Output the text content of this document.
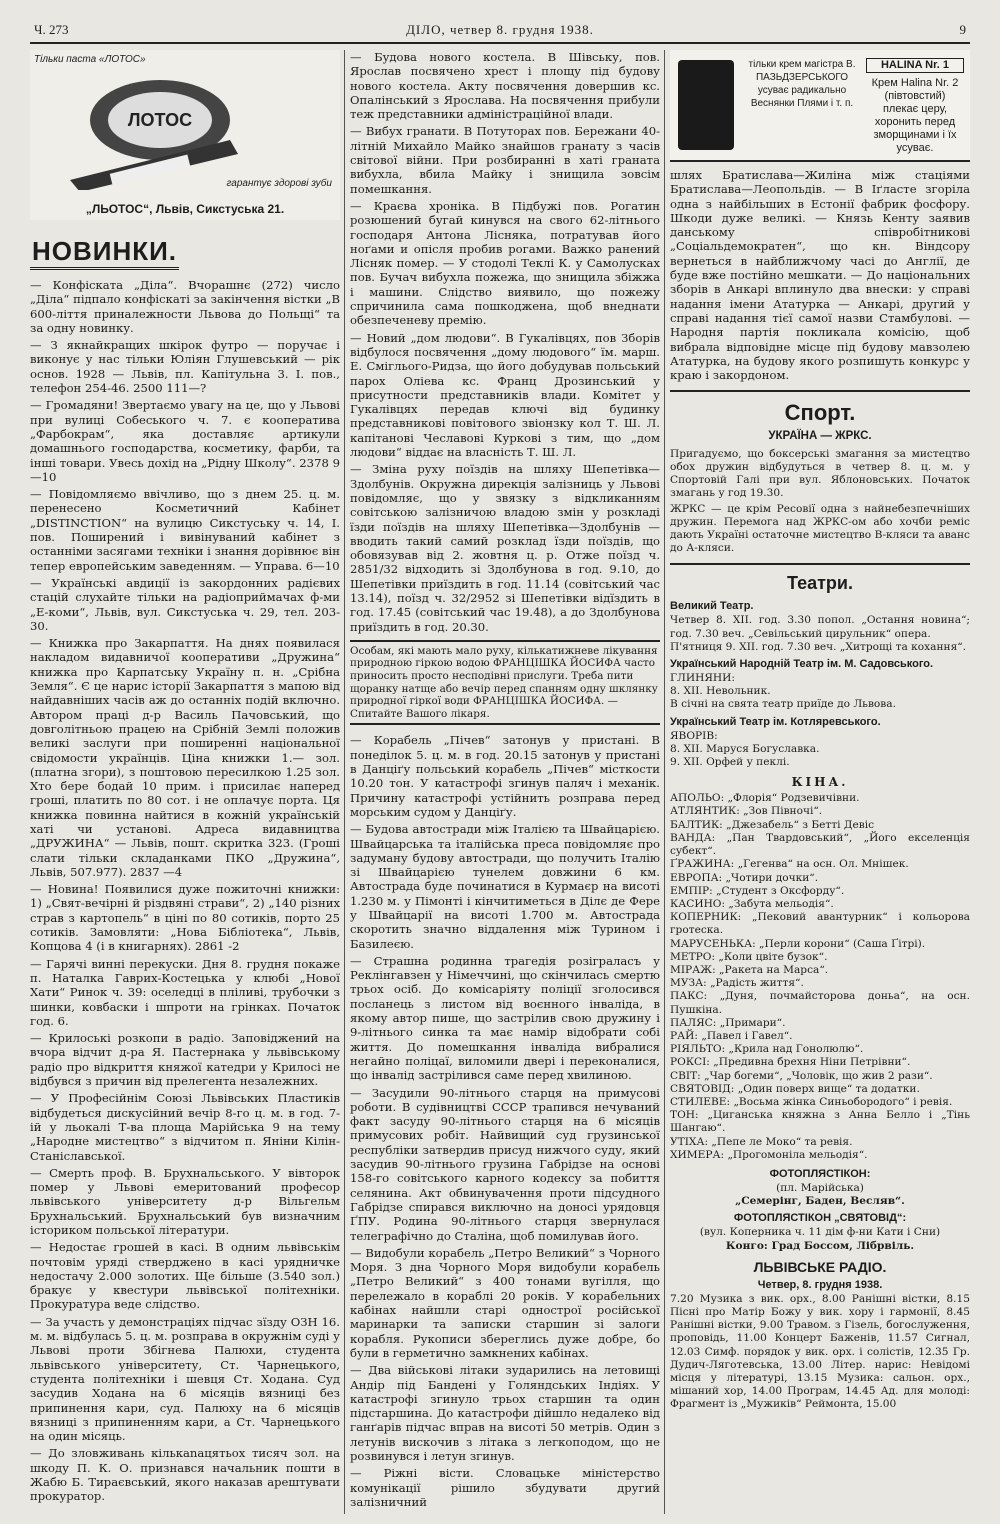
Ч. 273	ДІЛО, четвер 8. грудня 1938.	9
ЛОТОС
Тільки паста «ЛОТОС»
гарантує здорові зуби
„ЛЬОТОС“, Львів, Сикстуська 21.
НОВИНКИ.

— Конфіската „Діла“. Вчорашнє (272) число „Діла“ підпало конфіскаті за закінчення вістки „В 600-ліття приналежности Львова до Польщі“ та за одну новинку.

— З якнайкращих шкірок футро — поручає і виконує у нас тільки Юліян Глушевський — рік основ. 1928 — Львів, пл. Капітульна 3. І. пов., телефон 254-46. 2500 111—?

— Громадяни! Звертаємо увагу на це, що у Львові при вулиці Собеського ч. 7. є кооператива „Фарбокрам“, яка доставляє артикули домашнього господарства, косметику, фарби, та інші товари. Увесь дохід на „Рідну Школу“. 2378 9—10

— Повідомляємо ввічливо, що з днем 25. ц. м. перенесено Косметичний Кабінет „DISTINCTION“ на вулицю Сикстуську ч. 14, І. пов. Поширений і вивінуваний кабінет з останніми засягами техніки і знання дорівнює він тепер европейським заведенням. — Управа. 6—10

— Українські авдиції із закордонних радієвих стацій слухайте тільки на радіоприймачах ф-ми „Е-коми“, Львів, вул. Сикстуська ч. 29, тел. 203-30.

— Книжка про Закарпаття. На днях появилася накладом видавничої кооперативи „Дружина“ книжка про Карпатську Україну п. н. „Срібна Земля“. Є це нарис історії Закарпаття з мапою від найдавніших часів аж до останніх подій включно. Автором праці д-р Василь Пачовський, що довголітньою працею на Срібній Землі положив великі заслуги при поширенні національної свідомости українців. Ціна книжки 1.— зол. (платна згори), з поштовою пересилкою 1.25 зол. Хто бере бодай 10 прим. і присилає наперед гроші, платить по 80 сот. і не оплачує порта. Ця книжка повинна найтися в кожній українській хаті чи установі. Адреса видавництва „ДРУЖИНА“ — Львів, пошт. скритка 323. (Гроші слати тільки складанками ПКО „Дружина“, Львів, 507.977). 2837 —4

— Новина! Появилися дуже пожиточні книжки: 1) „Свят-вечірні й різдвяні страви“, 2) „140 різних страв з картопель“ в ціні по 80 сотиків, порто 25 сотиків. Замовляти: „Нова Бібліотека“, Львів, Копцова 4 (і в книгарнях). 2861 -2

— Гарячі винні перекуски. Дня 8. грудня покаже п. Наталка Гаврих-Костецька у клюбі „Нової Хати“ Ринок ч. 39: оселедці в пліливі, трубочки з шинки, ковбаски і шпроти на грінках. Початок год. 6.

— Крилоські розкопи в радіо. Заповіджений на вчора відчит д-ра Я. Пастернака у львівському радіо про відкриття княжої катедри у Крилосі не відбувся з причин від прелегента незалежних.

— У Професійнім Союзі Львівських Пластиків відбудеться дискусійний вечір 8-го ц. м. в год. 7-ій у льокалі Т-ва площа Марійська 9 на тему „Народне мистецтво“ з відчитом п. Яніни Кілін-Станіславської.

— Смерть проф. В. Брухнальського. У вівторок помер у Львові емеритований професор львівського університету д-р Вільгельм Брухнальський. Брухнальський був визначним істориком польської літератури.

— Недостає грошей в касі. В одним львівськім почтовім уряді стверджено в касі урядничке недостачу 2.000 золотих. Ще більше (3.540 зол.) бракує у квестури львівської політехніки. Прокуратура веде слідство.

— За участь у демонстраціях підчас зїзду ОЗН 16. м. м. відбулась 5. ц. м. розправа в окружнім суді у Львові проти Збігнева Палюхи, студента львівського університету, Ст. Чарнецького, студента політехніки і шевця Ст. Ходана. Суд засудив Ходана на 6 місяців вязниці без припинення кари, суд. Палюху на 6 місяців вязниці з припиненням кари, а Ст. Чарнецького на один місяць.

— До зловживань кількаnацятьох тисяч зол. на шкоду П. К. О. признався начальник пошти в Жабю Б. Тираєвський, якого наказав арештувати прокуратор.

— Будова нового костела. В Шівську, пов. Ярослав посвячено хрест і площу під будову нового костела. Акту посвячення довершив кс. Опалінський з Ярослава. На посвячення прибули теж представники адміністраційної влади.

— Вибух гранати. В Потуторах пов. Бережани 40-літній Михайло Майко знайшов гранату з часів світової війни. При розбиранні в хаті граната вибухла, вбила Майку і знищила зовсім помешкання.

— Краєва хроніка. В Підбужі пов. Рогатин розюшений бугай кинувся на свого 62-літнього господаря Антона Лісняка, потратував його ноґами и опісля пробив рогами. Важко ранений Лісняк помер. — У стодолі Теклі К. у Самолусках пов. Бучач вибухла пожежа, що знищила збіжжа і машини. Слідство виявило, що пожежу спричинила сама пошкоджена, щоб внеднати обезпеченеву премію.

— Новий „дом людови“. В Гукалівцях, пов Зборів відбулося посвячення „дому людового“ їм. марш. Е. Сміглього-Ридза, що його добудував польський парох Оліева кс. Франц Дрозинський у присутности представників влади. Комітет у Гукалівцях передав ключі від будинку представникові повітового звіонзку кол Т. Ш. Л. капітанові Чеславові Курковi з тим, що „дом людови“ віддає на власність Т. Ш. Л.

— Зміна руху поїздів на шляху Шепетівка—Здолбунів. Окружна дирекція залізниць у Львові повідомляє, що у звязку з відкликанням совітською залізничою владою змін у розкладі їзди поїздів на шляху Шепетівка—Здолбунів — вводить такий самий розклад їзди поїздів, що обовязував від 2. жовтня ц. р. Отже поїзд ч. 2851/32 відходить зі Здолбунова в год. 9.10, до Шепетівки приїздить в год. 11.14 (совітський час 13.14), поїзд ч. 32/2952 зі Шепетівки відїздить в год. 17.45 (совітський час 19.48), а до Здолбунова приїздить в год. 20.30.

Особам, які мають мало руху, кількатижневе лікування природною гіркою водою ФРАНЦІШКА ЙОСИФА часто приносить просто несподівні прислуги. Треба пити щоранку натще або вечір перед спанням одну шклянку природної гіркої води ФРАНЦІШКА ЙОСИФА. — Спитайте Вашого лікаря.

— Корабель „Пічев“ затонув у пристані. В понеділок 5. ц. м. в год. 20.15 затонув у пристані в Данціґу польський корабель „Пічев“ місткости 10.20 тон. У катастрофі згинув паляч і механік. Причину катастрофі устійнить розправа перед морським судом у Данціґу.

— Будова автостради між Італією та Швайцарією. Швайцарська та італійська преса повідомляє про задуману будову автостради, що получить Італію зі Швайцарією тунелем довжини 6 км. Автострада буде починатися в Курмаєр на висоті 1.230 м. у Пімонті і кінчитиметься в Ділє де Фере у Швайцарії на висоті 1.700 м. Автострада скоротить значно віддалення між Турином і Базилеєю.

— Страшна родинна трагедія розіграласъ у Реклінгавзен у Німеччині, що скінчилась смертю трьох осіб. До комісаріяту поліції зголосився посланець з листом від воєнного інваліда, в якому автор пише, що застрілив свою дружину і 9-літнього синка та має намір відобрати собі життя. До помешкання інваліда вибралися негайно поліцаї, виломили двері і переконалися, що інвалід застрілився саме перед хвилиною.

— Засудили 90-літнього старця на примусові роботи. В судівництві СССР трапився нечуваний факт засуду 90-літнього старця на 6 місяців примусових робіт. Найвищий суд грузинської республіки затвердив присуд нижчого суду, який засудив 90-літнього грузина Габрідзе на основі 158-го совітського карного кодексу за побиття селянина. Акт обвинувачення проти підсудного Габрідзе спирався виключно на доносі урядовця ҐПУ. Родина 90-літнього старця звернулася телеграфічно до Сталіна, щоб помилував його.

— Видобули корабель „Петро Великий“ з Чорного Моря. З дна Чорного Моря видобули корабель „Петро Великий“ з 400 тонами вугілля, що перележало в кораблі 20 років. У корабельних кабінах найшли старі однострої російської маринарки та записки старшин зі залоги корабля. Рукописи збереглись дуже добре, бо були в герметично замкнених кабінах.

— Два військові літаки зударились на летовищі Андір під Бандені у Голяндських Індіях. У катастрофі згинуло трьох старшин та один підстаршина. До катастрофи дійшло недалеко від ганґарів підчас вправ на висоті 50 метрів. Один з летунів вискочив з літака з легкоподом, що не розвинувся і летун згинув.

— Ріжні вісти. Словацьке міністерство комунікації рішило збудувати другий залізничний

тільки крем магістра В. ПАЗЬДЗЕРСЬКОГО усуває радикально Веснянки Плями і т. п.
HALINA Nr. 1
Крем Halina Nr. 2 (півтовстий) плекає церу, хоронить перед зморщинами і їх усуває.

шлях Братислава—Жиліна між стаціями Братислава—Леопольдів. — В Іґласте згоріла одна з найбільших в Естонії фабрик фосфору. Шкоди дуже великі. — Князь Кенту заявив данському співробітникові „Соціальдемократен“, що кн. Віндсору вернеться в найближчому часі до Англії, де буде вже постійно мешкати. — До національних зборів в Анкарі вплинуло два внески: у справі надання імени Ататурка — Анкарі, другий у справі надання тієї самої назви Стамбулові. — Народня партія покликала комісію, щоб вибрала відповідне місце під будову мавзолею Ататурка, на будову якого розпишуть конкурс у краю і закордоном.

Спорт.
УКРАЇНА — ЖРКС.

Пригадуємо, що боксерські змагання за мистецтво обох дружин відбудуться в четвер 8. ц. м. у Спортовій Галі при вул. Яблоновських. Початок змагань у год 19.30.

ЖРКС — це крім Ресовії одна з найнебезпечніших дружин. Перемога над ЖРКС-ом або хочби реміс дають Україні остаточне мистецтво В-кляси та аванс до А-кляси.

Театри.
Великий Театр.

Четвер 8. XII. год. 3.30 попол. „Остання новина“; год. 7.30 веч. „Севільський цирульник“ опера.

П'ятниця 9. XII. год. 7.30 веч. „Хитрощі та кохання“.

Український Народній Театр ім. М. Садовського.

ГЛИНЯНИ:

8. XII. Невольник.

В січні на свята театр приїде до Львова.

Український Театр ім. Котляревського.

ЯВОРІВ:

8. XII. Маруся Богуславка.

9. XII. Орфей у пеклі.

КІНА.

АПОЛЬО: „Флорія“ Родзевичівни.

АТЛЯНТИК: „Зов Півночі“.

БАЛТИК: „Джезабель“ з Бетті Девіс

ВАНДА: „Пан Твардовський“, „Його екселенція субект“.

ҐРАЖИНА: „Гегенва“ на осн. Ол. Мнішек.

ЕВРОПА: „Чотири дочки“.

ЕМПІР: „Студент з Оксфорду“.

КАСИНО: „Забута мельодія“.

КОПЕРНИК: „Пековий авантурник“ і кольорова гротеска.

МАРУСЕНЬКА: „Перли корони“ (Саша Ґітрі).

МЕТРО: „Коли цвіте бузок“.

МІРАЖ: „Ракета на Марса“.

МУЗА: „Радість життя“.

ПАКС: „Дуня, почмайсторова доньа“, на осн. Пушкіна.

ПАЛЯС: „Примари“.

РАЙ: „Павел і Гавел“.

РІЯЛЬТО: „Крила над Гонолюлю“.

РОКСІ: „Предивна брехня Ніни Петрівни“.

СВІТ: „Чар богеми“, „Чоловік, що жив 2 рази“.

СВЯТОВІД: „Один поверх вище“ та додатки.

СТИЛЕВЕ: „Восьма жінка Синьобородого“ і ревія.

ТОН: „Циганська княжна з Анна Белло і „Тінь Шангаю“.

УТІХА: „Пепе ле Моко“ та ревія.

ХИМЕРА: „Прогомоніла мельодія“.

ФОТОПЛЯСТІКОН:

(пл. Марійська)

„Семерінг, Баден, Весляв“.

ФОТОПЛЯСТІКОН „СВЯТОВІД“:

(вул. Коперника ч. 11 дім ф-ни Кати і Сни)

Конго: Град Боссом, Лібрвіль.

ЛЬВІВСЬКЕ РАДІО.
Четвер, 8. грудня 1938.

7.20 Музика з вик. орх., 8.00 Ранішні вістки, 8.15 Пісні про Матір Божу у вик. хору і гармонії, 8.45 Ранішні вістки, 9.00 Травом. з Гізель, богослуження, проповідь, 11.00 Концерт Баженів, 11.57 Сигнал, 12.03 Симф. порядок у вик. орх. і солістів, 12.35 Гр. Дудич-Ляготевська, 13.00 Літер. нарис: Невідомі місця у літературі, 13.15 Музика: сальон. орх., мішаний хор, 14.00 Програм, 14.45 Ад. для молоді: Фрагмент із „Мужиків“ Реймонта, 15.00
